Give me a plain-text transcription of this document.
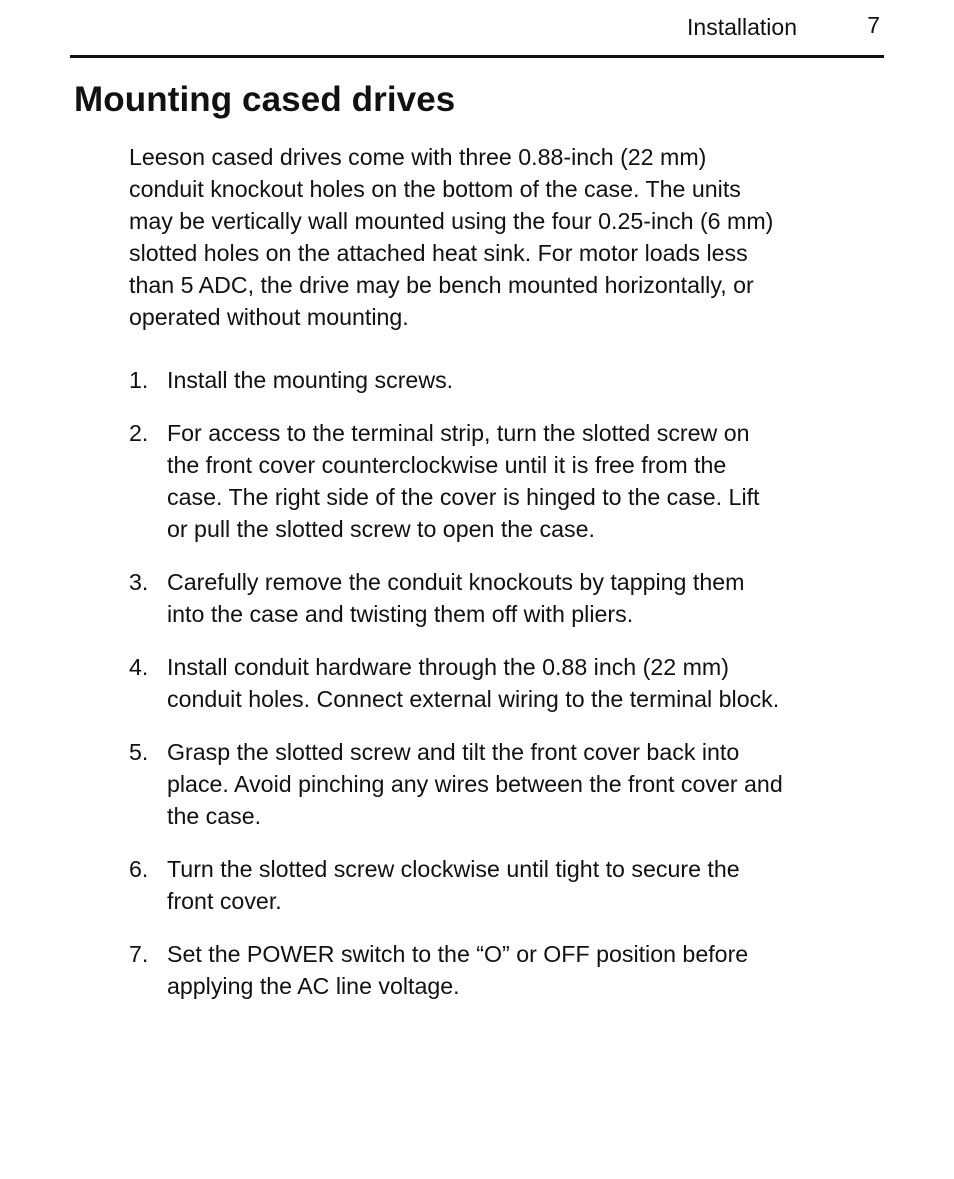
Installation	7
Mounting cased drives

Leeson cased drives come with three 0.88-inch (22 mm)
conduit knockout holes on the bottom of the case. The units
may be vertically wall mounted using the four 0.25-inch (6 mm)
slotted holes on the attached heat sink. For motor loads less
than 5 ADC, the drive may be bench mounted horizontally, or
operated without mounting.

1. Install the mounting screws.
2. For access to the terminal strip, turn the slotted screw on
the front cover counterclockwise until it is free from the
case. The right side of the cover is hinged to the case. Lift
or pull the slotted screw to open the case.
3. Carefully remove the conduit knockouts by tapping them
into the case and twisting them off with pliers.
4. Install conduit hardware through the 0.88 inch (22 mm)
conduit holes. Connect external wiring to the terminal block.
5. Grasp the slotted screw and tilt the front cover back into
place. Avoid pinching any wires between the front cover and
the case.
6. Turn the slotted screw clockwise until tight to secure the
front cover.
7. Set the POWER switch to the “O” or OFF position before
applying the AC line voltage.
